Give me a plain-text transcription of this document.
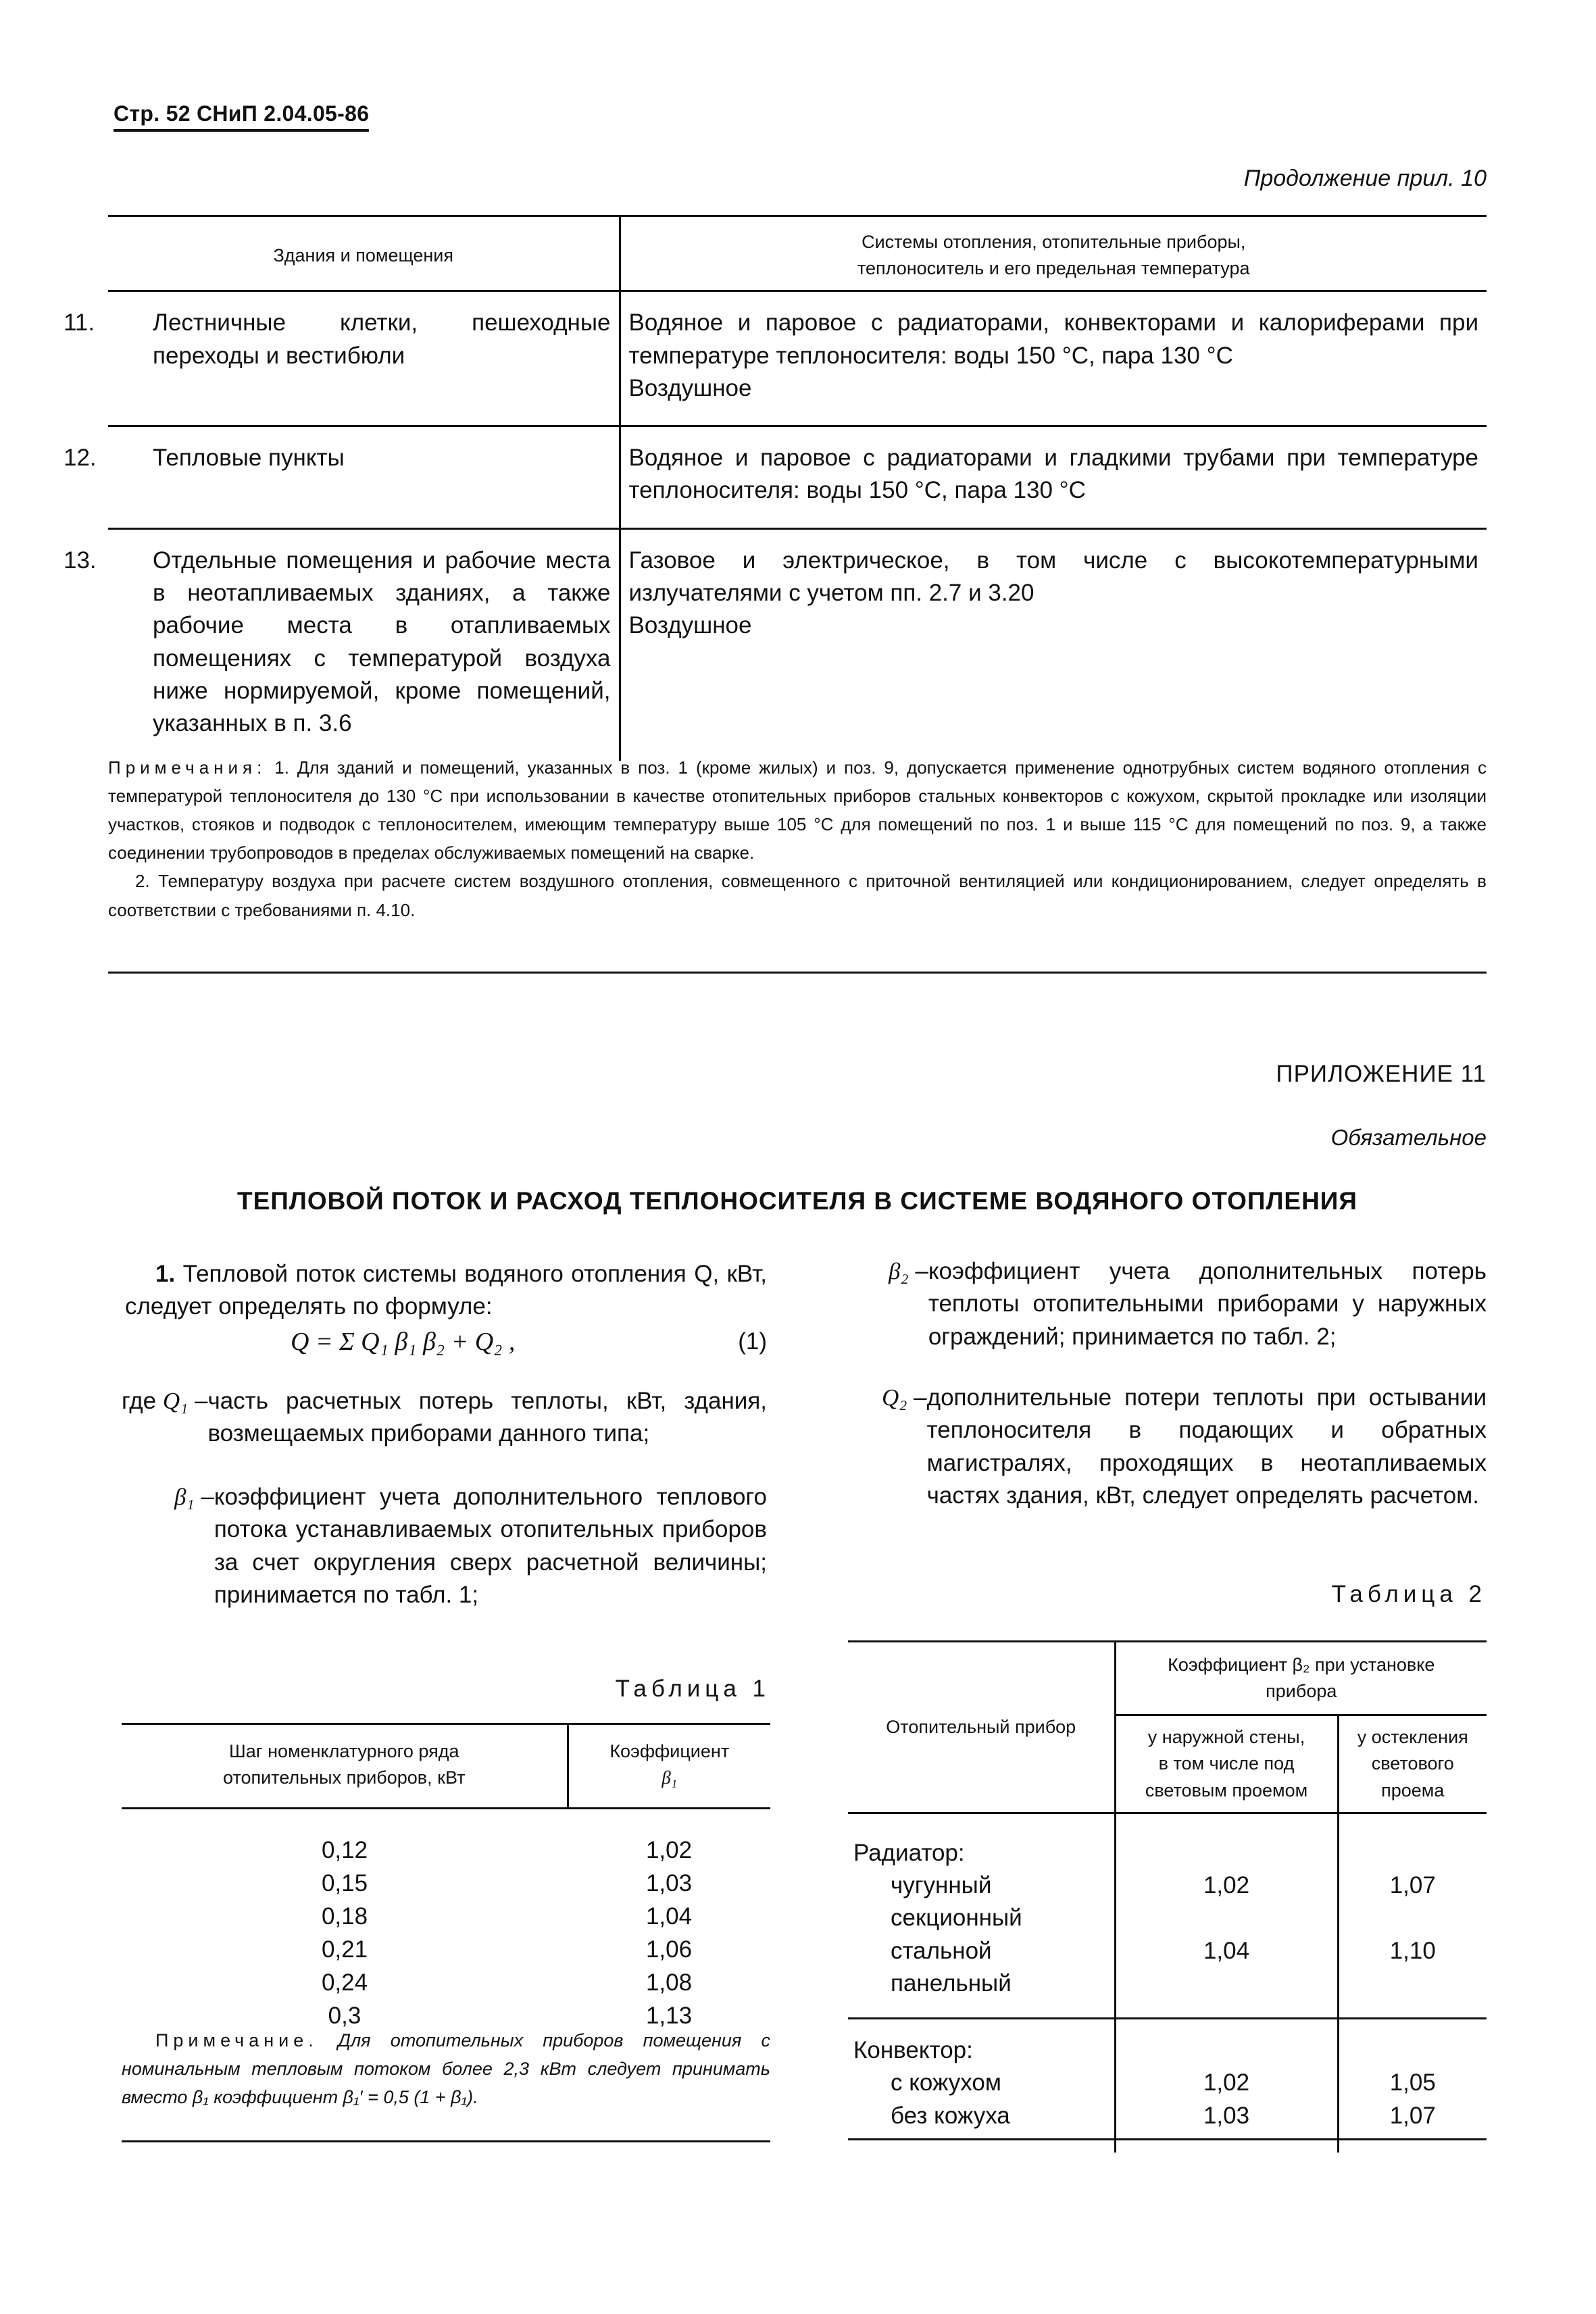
Стр. 52 СНиП 2.04.05-86
Продолжение прил. 10
Здания и помещения	Системы отопления, отопительные приборы,
теплоноситель и его предельная температура

11. Лестничные клетки, пешеходные переходы и вестибюли	Водяное и паровое с радиаторами, конвекторами и калориферами при температуре теплоносителя: воды 150 °С, пара 130 °С
Воздушное

12. Тепловые пункты	Водяное и паровое с радиаторами и гладкими трубами при температуре теплоносителя: воды 150 °С, пара 130 °С

13. Отдельные помещения и рабочие места в неотапливаемых зданиях, а также рабочие места в отапливаемых помещениях с температурой воздуха ниже нормируемой, кроме помещений, указанных в п. 3.6	Газовое и электрическое, в том числе с высокотемпературными излучателями с учетом пп. 2.7 и 3.20
Воздушное

Примечания: 1. Для зданий и помещений, указанных в поз. 1 (кроме жилых) и поз. 9, допускается применение однотрубных систем водяного отопления с температурой теплоносителя до 130 °С при использовании в качестве отопительных приборов стальных конвекторов с кожухом, скрытой прокладке или изоляции участков, стояков и подводок с теплоносителем, имеющим температуру выше 105 °С для помещений по поз. 1 и выше 115 °С для помещений по поз. 9, а также соединении трубопроводов в пределах обслуживаемых помещений на сварке.

2. Температуру воздуха при расчете систем воздушного отопления, совмещенного с приточной вентиляцией или кондиционированием, следует определять в соответствии с требованиями п. 4.10.

ПРИЛОЖЕНИЕ 11
Обязательное
ТЕПЛОВОЙ ПОТОК И РАСХОД ТЕПЛОНОСИТЕЛЯ В СИСТЕМЕ ВОДЯНОГО ОТОПЛЕНИЯ
1. Тепловой поток системы водяного отопления Q, кВт, следует определять по формуле:
Q = Σ Q₁ β₁ β₂ + Q₂ ,	(1)
где Q₁ – часть расчетных потерь теплоты, кВт, здания, возмещаемых приборами данного типа;
β₁ – коэффициент учета дополнительного теплового потока устанавливаемых отопительных приборов за счет округления сверх расчетной величины; принимается по табл. 1;
β₂ – коэффициент учета дополнительных потерь теплоты отопительными приборами у наружных ограждений; принимается по табл. 2;
Q₂ – дополнительные потери теплоты при остывании теплоносителя в подающих и обратных магистралях, проходящих в неотапливаемых частях здания, кВт, следует определять расчетом.
Таблица 1
Шаг номенклатурного ряда
отопительных приборов, кВт	Коэффициент
β₁
0,12	1,02
0,15	1,03
0,18	1,04
0,21	1,06
0,24	1,08
0,3	1,13

Примечание. Для отопительных приборов помещения с номинальным тепловым потоком более 2,3 кВт следует принимать вместо β₁ коэффициент β₁′ = 0,5 (1 + β₁).

Таблица 2
Отопительный прибор	Коэффициент β₂ при установке
прибора	
	у наружной стены,
в том числе под
световым проемом	у остекления
светового
проема
Радиатор:		

чугунный секционный	1,02	1,07

стальной панельный	1,04	1,10
Конвектор:		

с кожухом	1,02	1,05

без кожуха	1,03	1,07
